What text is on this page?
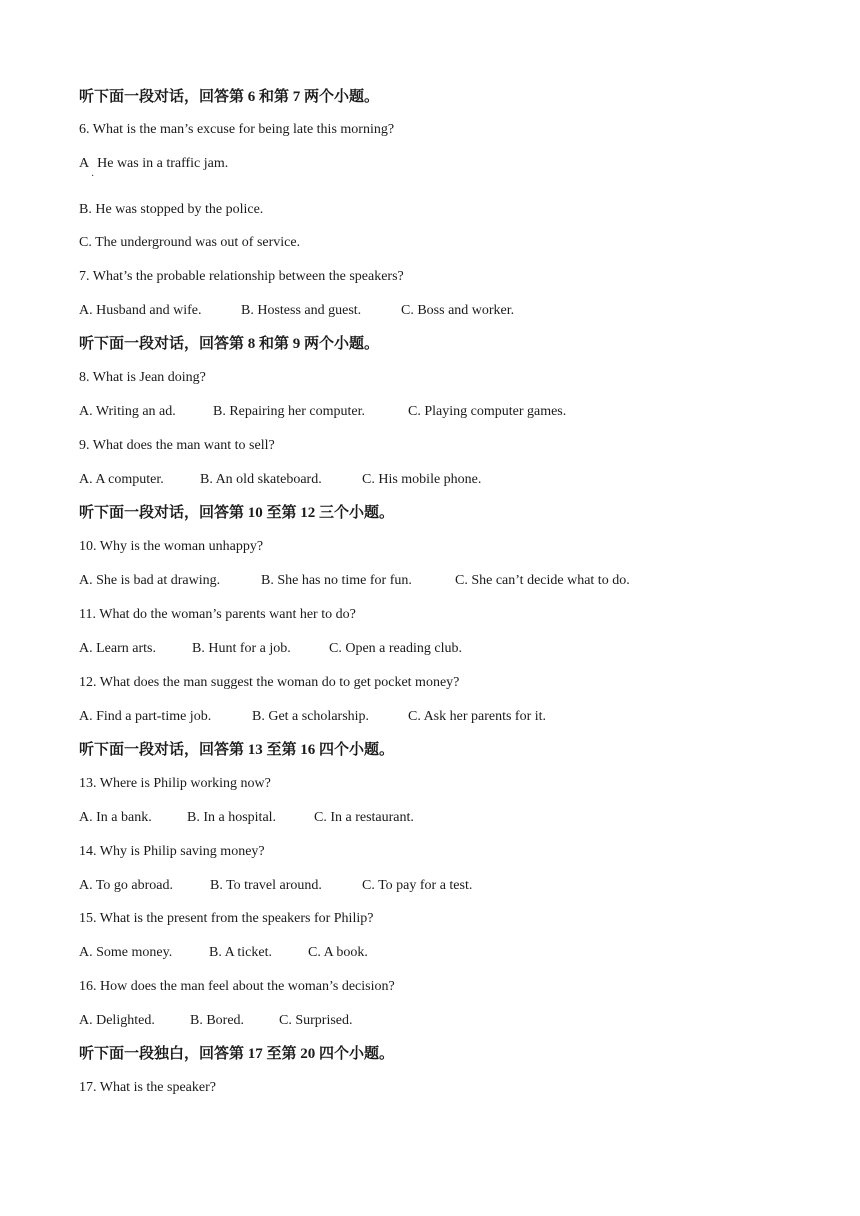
听下面一段对话，回答第 6 和第 7 两个小题。
6. What is the man’s excuse for being late this morning?
A He was in a traffic jam.
·
B. He was stopped by the police.
C. The underground was out of service.
7. What’s the probable relationship between the speakers?
A. Husband and wife.	B. Hostess and guest.	C. Boss and worker.
听下面一段对话，回答第 8 和第 9 两个小题。
8. What is Jean doing?
A. Writing an ad.	B. Repairing her computer.	C. Playing computer games.
9. What does the man want to sell?
A. A computer.	B. An old skateboard.	C. His mobile phone.
听下面一段对话，回答第 10 至第 12 三个小题。
10. Why is the woman unhappy?
A. She is bad at drawing.	B. She has no time for fun.	C. She can’t decide what to do.
11. What do the woman’s parents want her to do?
A. Learn arts.	B. Hunt for a job.	C. Open a reading club.
12. What does the man suggest the woman do to get pocket money?
A. Find a part-time job.	B. Get a scholarship.	C. Ask her parents for it.
听下面一段对话，回答第 13 至第 16 四个小题。
13. Where is Philip working now?
A. In a bank.	B. In a hospital.	C. In a restaurant.
14. Why is Philip saving money?
A. To go abroad.	B. To travel around.	C. To pay for a test.
15. What is the present from the speakers for Philip?
A. Some money.	B. A ticket.	C. A book.
16. How does the man feel about the woman’s decision?
A. Delighted.	B. Bored. C. Surprised.
听下面一段独白，回答第 17 至第 20 四个小题。
17. What is the speaker?
